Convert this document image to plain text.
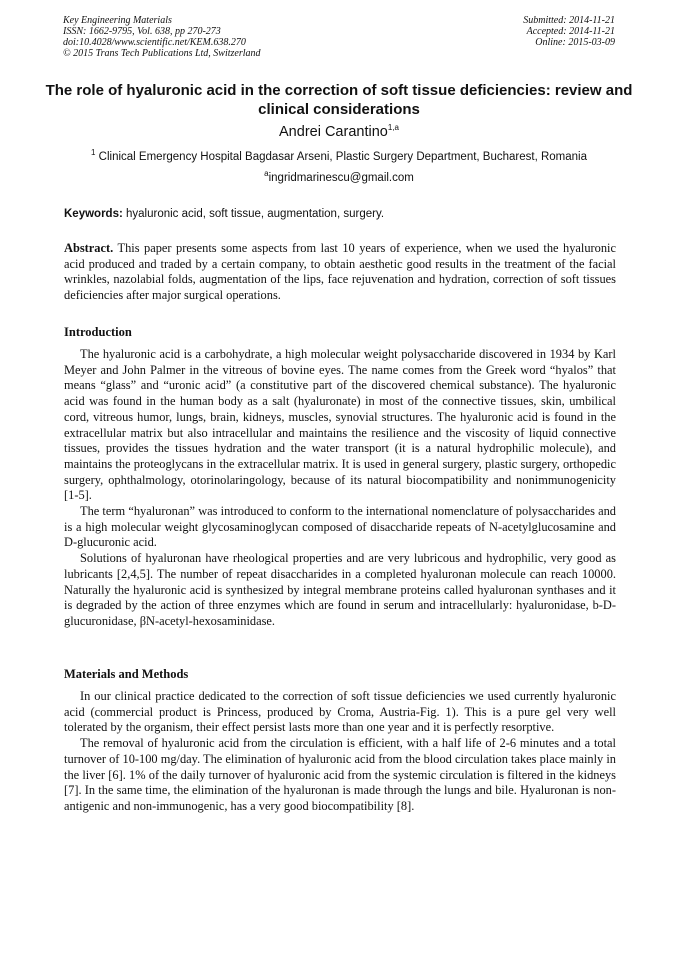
Key Engineering Materials
ISSN: 1662-9795, Vol. 638, pp 270-273
doi:10.4028/www.scientific.net/KEM.638.270
© 2015 Trans Tech Publications Ltd, Switzerland
Submitted: 2014-11-21
Accepted: 2014-11-21
Online: 2015-03-09
The role of hyaluronic acid in the correction of soft tissue deficiencies: review and clinical considerations
Andrei Carantino$^{1,a}$
$^1$ Clinical Emergency Hospital Bagdasar Arseni, Plastic Surgery Department, Bucharest, Romania
$^a$ingridmarinescu@gmail.com
Keywords: hyaluronic acid, soft tissue, augmentation, surgery.
Abstract. This paper presents some aspects from last 10 years of experience, when we used the hyaluronic acid produced and traded by a certain company, to obtain aesthetic good results in the treatment of the facial wrinkles, nazolabial folds, augmentation of the lips, face rejuvenation and hydration, correction of soft tissues deficiencies after major surgical operations.
Introduction

The hyaluronic acid is a carbohydrate, a high molecular weight polysaccharide discovered in 1934 by Karl Meyer and John Palmer in the vitreous of bovine eyes. The name comes from the Greek word “hyalos” that means “glass” and “uronic acid” (a constitutive part of the discovered chemical substance). The hyaluronic acid was found in the human body as a salt (hyaluronate) in most of the connective tissues, skin, umbilical cord, vitreous humor, lungs, brain, kidneys, muscles, synovial structures. The hyaluronic acid is found in the extracellular matrix but also intracellular and maintains the resilience and the viscosity of liquid connective tissues, provides the tissues hydration and the water transport (it is a natural hydrophilic molecule), and maintains the proteoglycans in the extracellular matrix. It is used in general surgery, plastic surgery, orthopedic surgery, ophthalmology, otorinolaringology, because of its natural biocompatibility and nonimmunogenicity [1-5].

The term “hyaluronan” was introduced to conform to the international nomenclature of polysaccharides and is a high molecular weight glycosaminoglycan composed of disaccharide repeats of N-acetylglucosamine and D-glucuronic acid.

Solutions of hyaluronan have rheological properties and are very lubricous and hydrophilic, very good as lubricants [2,4,5]. The number of repeat disaccharides in a completed hyaluronan molecule can reach 10000. Naturally the hyaluronic acid is synthesized by integral membrane proteins called hyaluronan synthases and it is degraded by the action of three enzymes which are found in serum and intracellularly: hyaluronidase, b-D-glucuronidase, βN-acetyl-hexosaminidase.

Materials and Methods

In our clinical practice dedicated to the correction of soft tissue deficiencies we used currently hyaluronic acid (commercial product is Princess, produced by Croma, Austria-Fig. 1). This is a pure gel very well tolerated by the organism, their effect persist lasts more than one year and it is perfectly resorptive.

The removal of hyaluronic acid from the circulation is efficient, with a half life of 2-6 minutes and a total turnover of 10-100 mg/day. The elimination of hyaluronic acid from the blood circulation takes place mainly in the liver [6]. 1% of the daily turnover of hyaluronic acid from the systemic circulation is filtered in the kidneys [7]. In the same time, the elimination of the hyaluronan is made through the lungs and bile. Hyaluronan is non-antigenic and non-immunogenic, has a very good biocompatibility [8].
